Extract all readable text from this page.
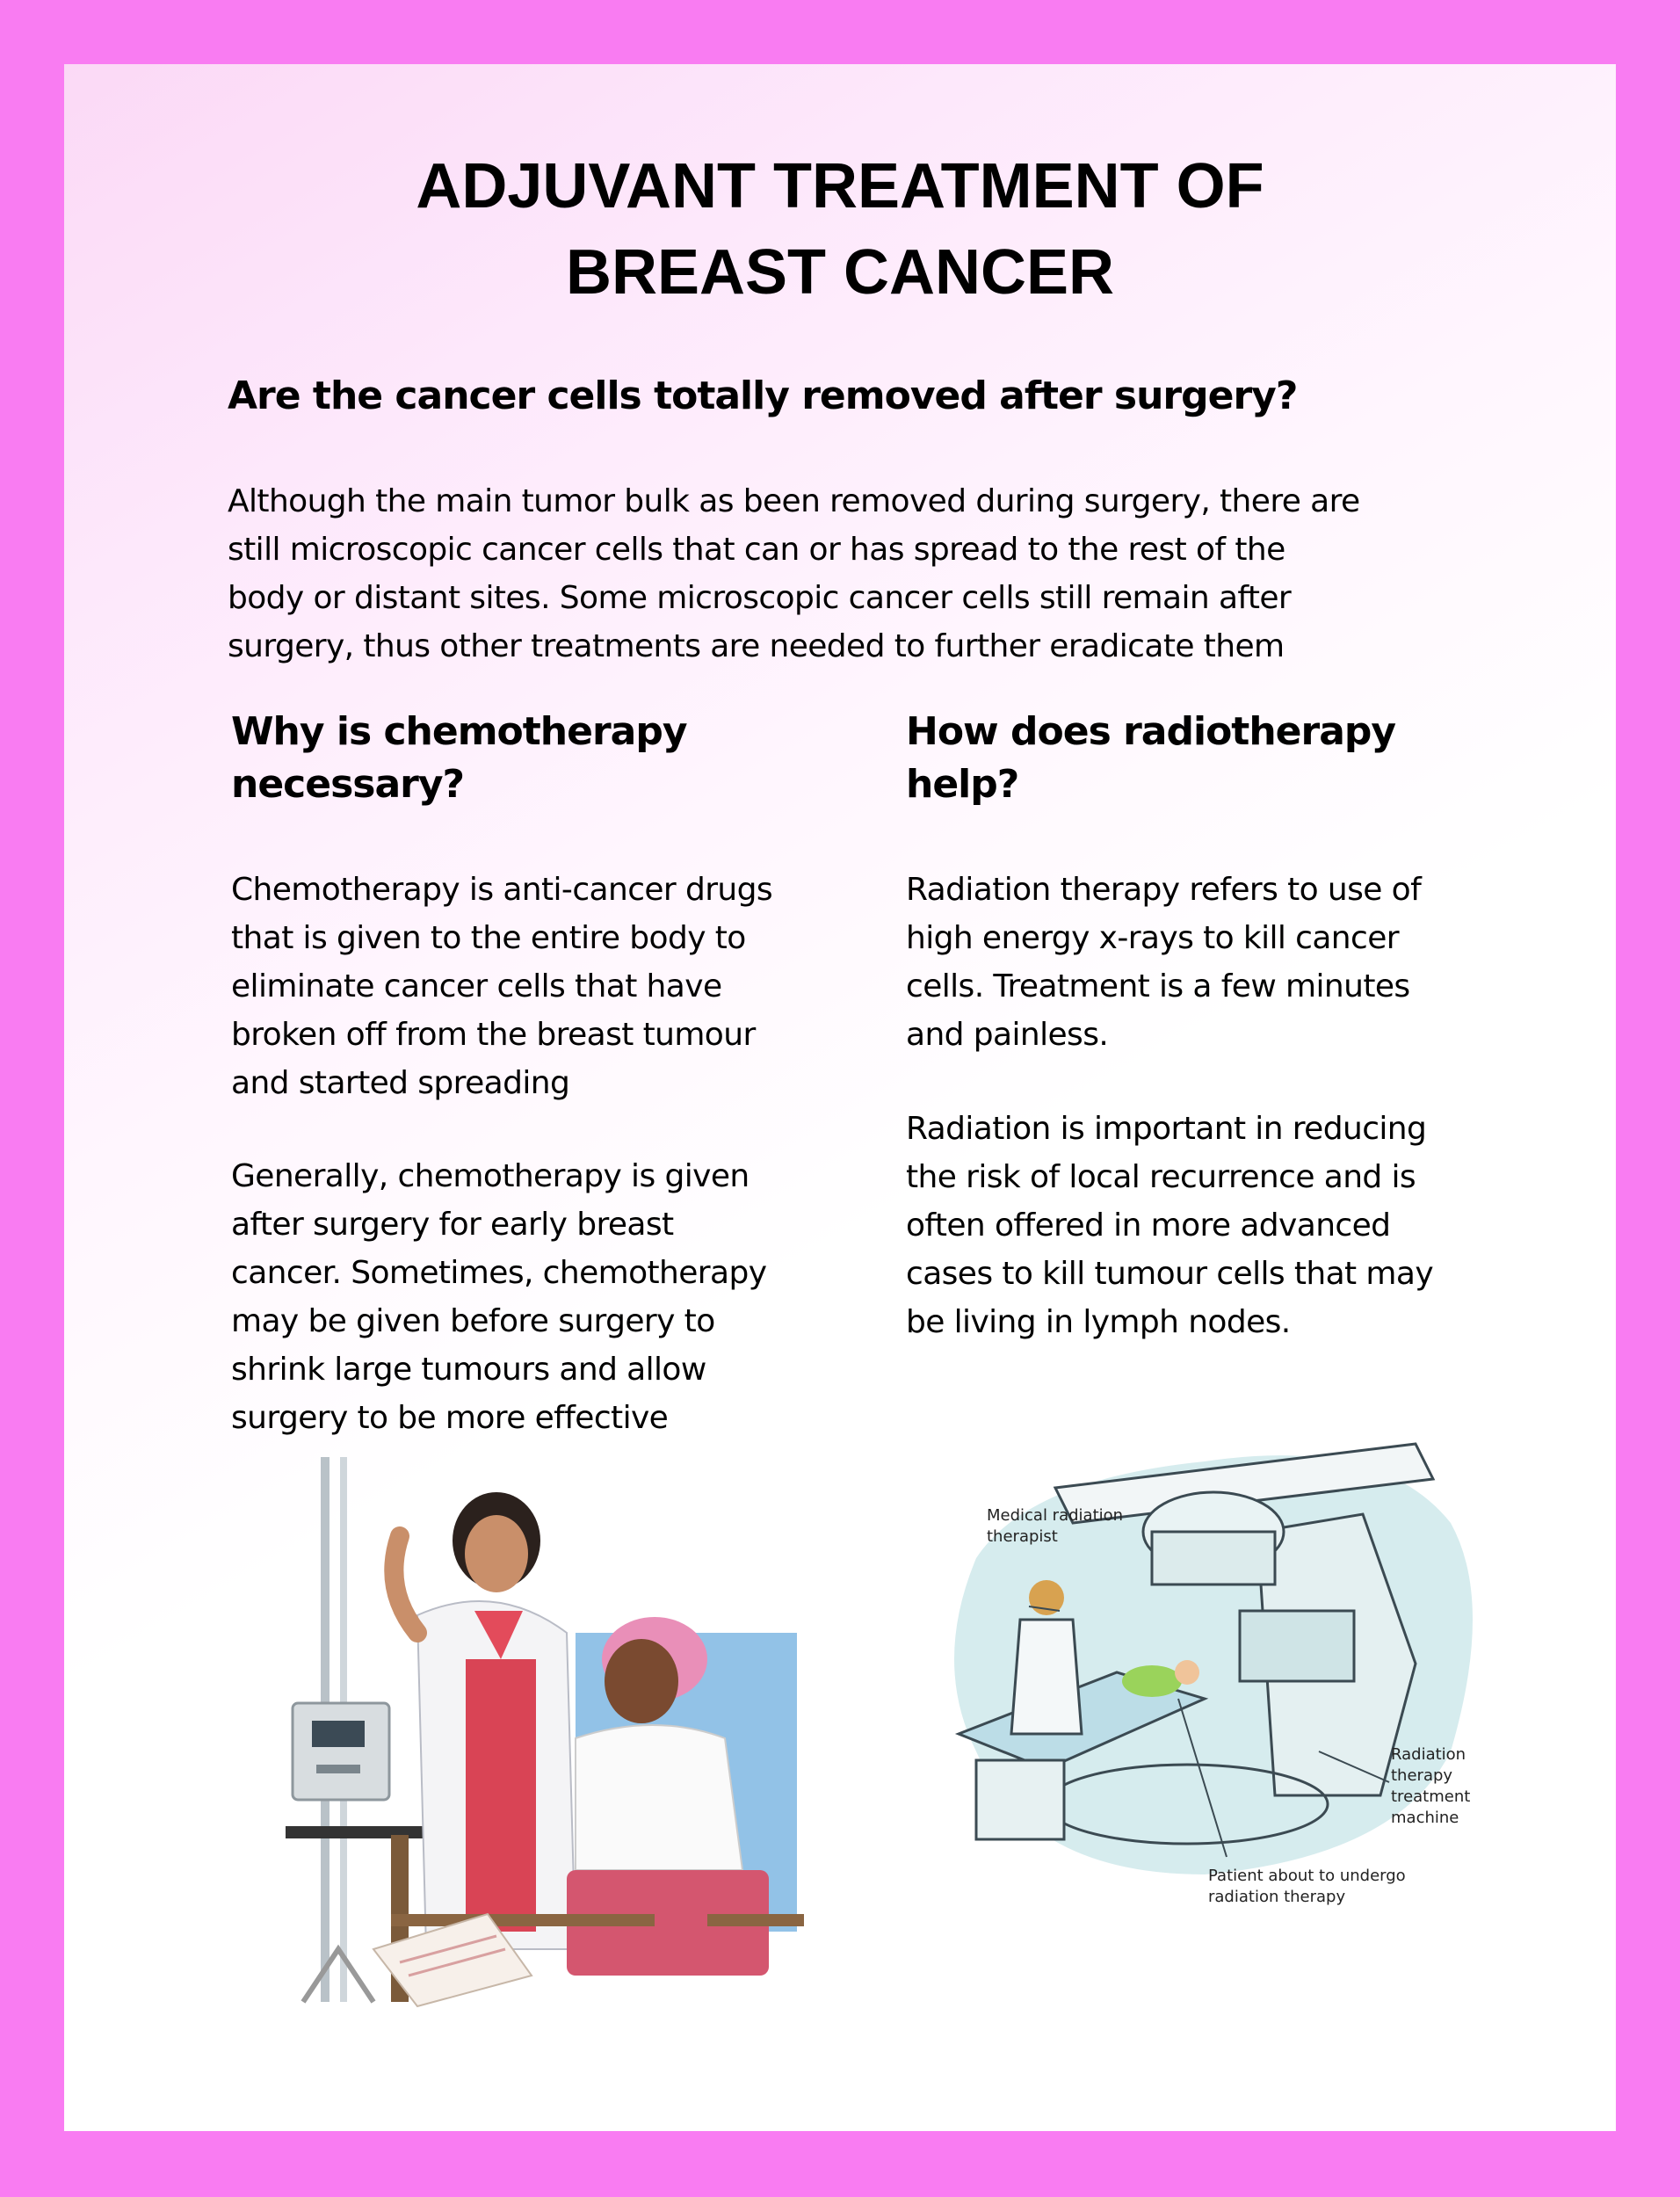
ADJUVANT TREATMENT OF
BREAST CANCER
Are the cancer cells totally removed after surgery?
Although the main tumor bulk as been removed during surgery, there are
still microscopic cancer cells that can or has spread to the rest of the
body or distant sites. Some microscopic cancer cells still remain after
surgery, thus other treatments are needed to further eradicate them
Why is chemotherapy
necessary?
How does radiotherapy
help?
Chemotherapy is anti-cancer drugs
that is given to the entire body to
eliminate cancer cells that have
broken off from the breast tumour
and started spreading
Generally, chemotherapy is given
after surgery for early breast
cancer. Sometimes, chemotherapy
may be given before surgery to
shrink large tumours and allow
surgery to be more effective
Radiation therapy refers to use of
high energy x-rays to kill cancer
cells. Treatment is a few minutes
and painless.
Radiation is important in reducing
the risk of local recurrence and is
often offered in more advanced
cases to kill tumour cells that may
be living in lymph nodes.
Medical radiation
therapist
Radiation
therapy
treatment
machine
Patient about to undergo
radiation therapy
